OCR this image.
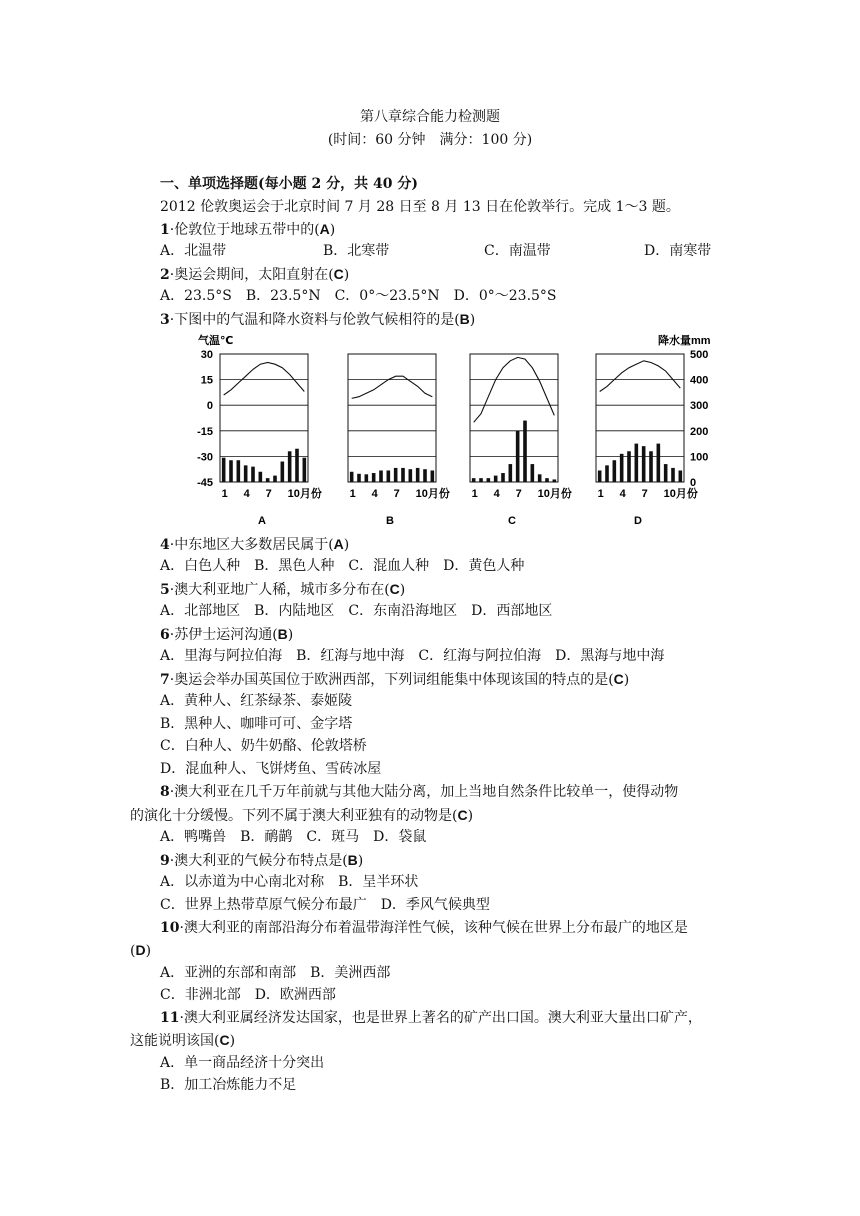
第八章综合能力检测题
(时间：60 分钟　满分：100 分)
一、单项选择题(每小题 2 分，共 40 分)
2012 伦敦奥运会于北京时间 7 月 28 日至 8 月 13 日在伦敦举行。完成 1～3 题。
1·伦敦位于地球五带中的(A)
A．北温带	B．北寒带	C．南温带	D．南寒带
2·奥运会期间，太阳直射在(C)
A．23.5°S　B．23.5°N　C．0°～23.5°N　D．0°～23.5°S
3·下图中的气温和降水资料与伦敦气候相符的是(B)
气温℃	降水量mm
30
15
0
-15
-30
-45
500
400
300
200
100
0
1 4 7 10月份
A
1 4 7 10月份
B
1 4 7 10月份
C
1 4 7 10月份
D
4·中东地区大多数居民属于(A)
A．白色人种　B．黑色人种　C．混血人种　D．黄色人种
5·澳大利亚地广人稀，城市多分布在(C)
A．北部地区　B．内陆地区　C．东南沿海地区　D．西部地区
6·苏伊士运河沟通(B)
A．里海与阿拉伯海　B．红海与地中海　C．红海与阿拉伯海　D．黑海与地中海
7·奥运会举办国英国位于欧洲西部，下列词组能集中体现该国的特点的是(C)
A．黄种人、红茶绿茶、泰姬陵
B．黑种人、咖啡可可、金字塔
C．白种人、奶牛奶酪、伦敦塔桥
D．混血种人、飞饼烤鱼、雪砖冰屋
8·澳大利亚在几千万年前就与其他大陆分离，加上当地自然条件比较单一，使得动物
的演化十分缓慢。下列不属于澳大利亚独有的动物是(C)
A．鸭嘴兽　B．鸸鹋　C．斑马　D．袋鼠
9·澳大利亚的气候分布特点是(B)
A．以赤道为中心南北对称　B．呈半环状
C．世界上热带草原气候分布最广　D．季风气候典型
10·澳大利亚的南部沿海分布着温带海洋性气候，该种气候在世界上分布最广的地区是
(D)
A．亚洲的东部和南部　B．美洲西部
C．非洲北部　D．欧洲西部
11·澳大利亚属经济发达国家，也是世界上著名的矿产出口国。澳大利亚大量出口矿产，
这能说明该国(C)
A．单一商品经济十分突出
B．加工冶炼能力不足
